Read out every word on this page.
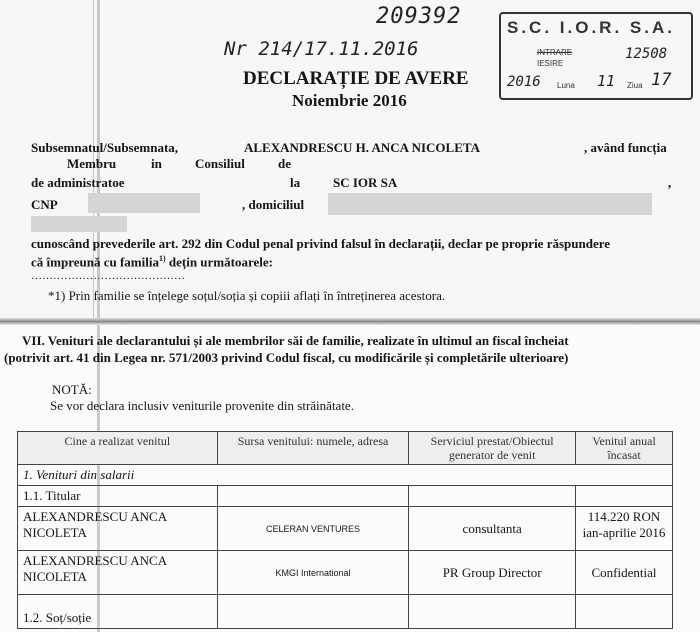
209392
Nr 214/17.11.2016
S.C. I.O.R. S.A.
INTRARE
IESIRE
12508
2016 Luna 11 Ziua 17
DECLARAȚIE DE AVERE
Noiembrie 2016
Subsemnatul/Subsemnata,	ALEXANDRESCU H. ANCA NICOLETA	, având funcția
Membru	in	Consiliul	de
de administratoe	la	SC IOR SA	,
CNP	, domiciliul
cunoscând prevederile art. 292 din Codul penal privind falsul în declarații, declar pe proprie răspundere
că împreună cu familia$^{1)}$ dețin următoarele:
……………………………………
*1) Prin familie se înțelege soțul/soția și copiii aflați în întreținerea acestora.
VII. Venituri ale declarantului și ale membrilor săi de familie, realizate în ultimul an fiscal încheiat
(potrivit art. 41 din Legea nr. 571/2003 privind Codul fiscal, cu modificările și completările ulterioare)
NOTĂ:
Se vor declara inclusiv veniturile provenite din străinătate.
Cine a realizat venitul	Sursa venitului: numele, adresa	Serviciul prestat/Obiectul generator de venit	Venitul anual încasat
1. Venituri din salarii			
1.1. Titular			
ALEXANDRESCU ANCA NICOLETA	CELERAN VENTURES	consultanta	114.220 RON ian-aprilie 2016
ALEXANDRESCU ANCA NICOLETA	KMGI International	PR Group Director	Confidential
1.2. Soț/soție			
